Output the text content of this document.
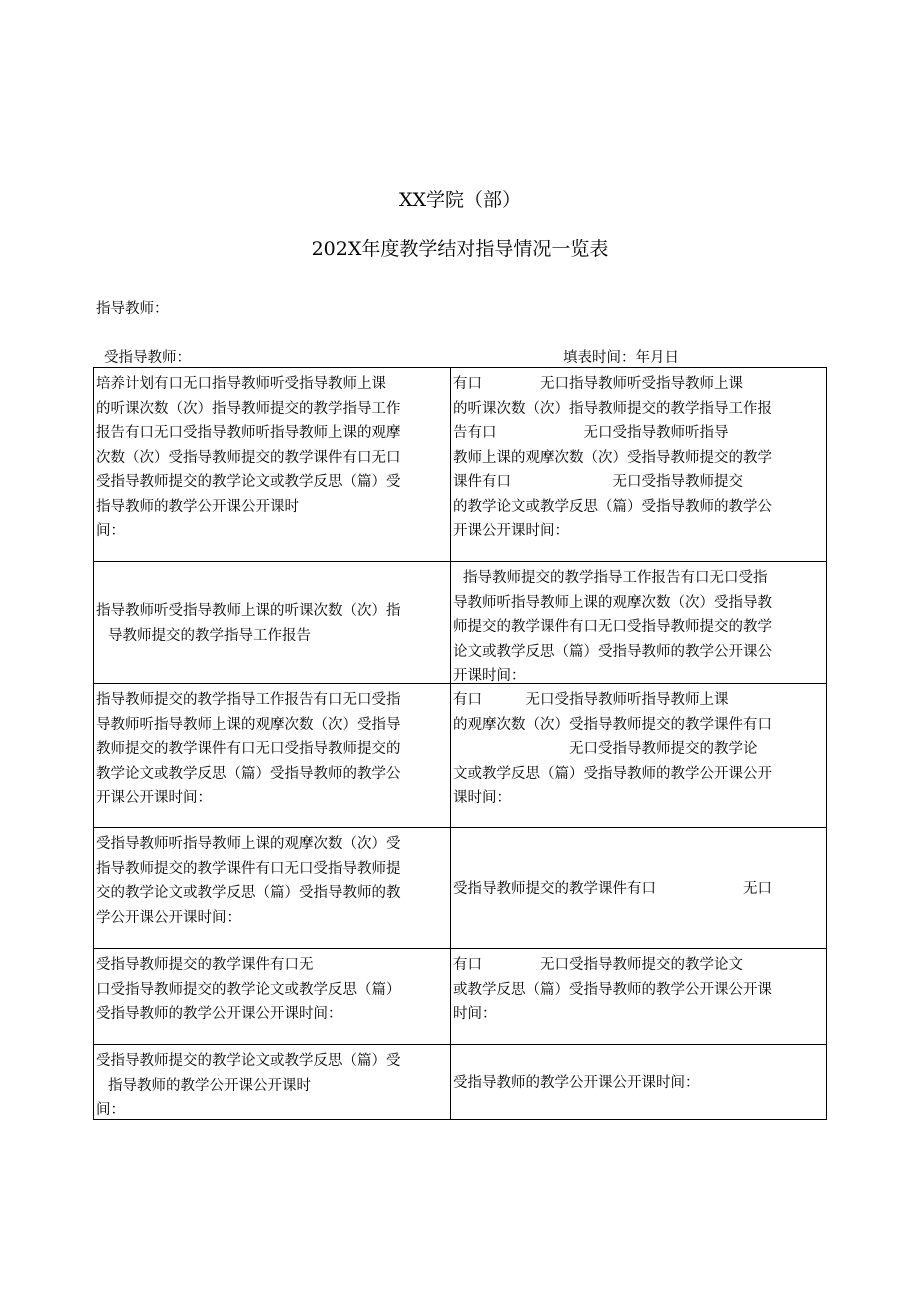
XX学院（部）
202X年度教学结对指导情况一览表
指导教师：
受指导教师：	填表时间：年月日
培养计划有口无口指导教师听受指导教师上课
的听课次数（次）指导教师提交的教学指导工作
报告有口无口受指导教师听指导教师上课的观摩
次数（次）受指导教师提交的教学课件有口无口
受指导教师提交的教学论文或教学反思（篇）受
指导教师的教学公开课公开课时
间：
有口　　　　无口指导教师听受指导教师上课
的听课次数（次）指导教师提交的教学指导工作报
告有口　　　　　　无口受指导教师听指导
教师上课的观摩次数（次）受指导教师提交的教学
课件有口　　　　　　　无口受指导教师提交
的教学论文或教学反思（篇）受指导教师的教学公
开课公开课时间：
指导教师听受指导教师上课的听课次数（次）指
导教师提交的教学指导工作报告
指导教师提交的教学指导工作报告有口无口受指
导教师听指导教师上课的观摩次数（次）受指导教
师提交的教学课件有口无口受指导教师提交的教学
论文或教学反思（篇）受指导教师的教学公开课公
开课时间：
指导教师提交的教学指导工作报告有口无口受指
导教师听指导教师上课的观摩次数（次）受指导
教师提交的教学课件有口无口受指导教师提交的
教学论文或教学反思（篇）受指导教师的教学公
开课公开课时间：
有口　　　无口受指导教师听指导教师上课
的观摩次数（次）受指导教师提交的教学课件有口
无口受指导教师提交的教学论
文或教学反思（篇）受指导教师的教学公开课公开
课时间：
受指导教师听指导教师上课的观摩次数（次）受
指导教师提交的教学课件有口无口受指导教师提
交的教学论文或教学反思（篇）受指导教师的教
学公开课公开课时间：
受指导教师提交的教学课件有口　　　　　　无口
受指导教师提交的教学课件有口无
口受指导教师提交的教学论文或教学反思（篇）
受指导教师的教学公开课公开课时间：
有口　　　　无口受指导教师提交的教学论文
或教学反思（篇）受指导教师的教学公开课公开课
时间：
受指导教师提交的教学论文或教学反思（篇）受
指导教师的教学公开课公开课时
间：
受指导教师的教学公开课公开课时间：
